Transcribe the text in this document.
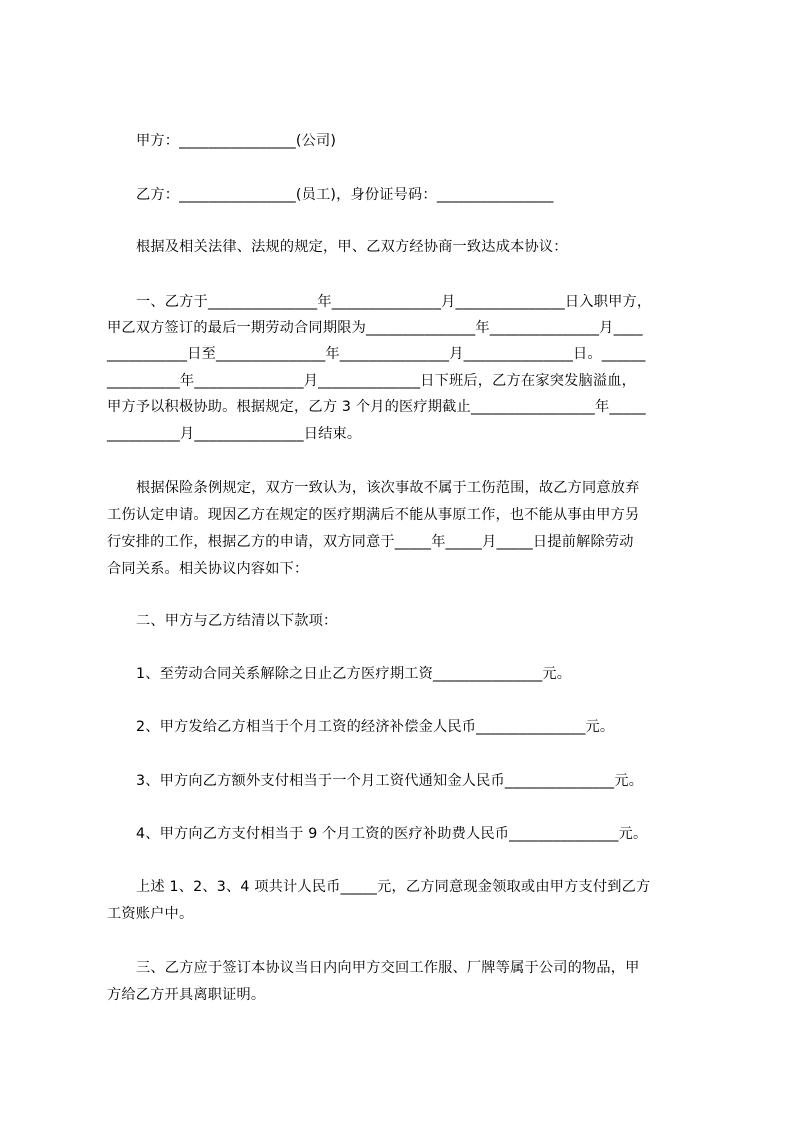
甲方：________________(公司)
乙方：________________(员工)，身份证号码：________________
根据及相关法律、法规的规定，甲、乙双方经协商一致达成本协议：
一、乙方于_______________年_______________月_______________日入职甲方，
甲乙双方签订的最后一期劳动合同期限为_______________年_______________月____
___________日至_______________年_______________月_______________日。______
__________年_______________月______________日下班后，乙方在家突发脑溢血，
甲方予以积极协助。根据规定，乙方 3 个月的医疗期截止_________________年_____
__________月_______________日结束。
根据保险条例规定，双方一致认为，该次事故不属于工伤范围，故乙方同意放弃
工伤认定申请。现因乙方在规定的医疗期满后不能从事原工作，也不能从事由甲方另
行安排的工作，根据乙方的申请，双方同意于_____年_____月_____日提前解除劳动
合同关系。相关协议内容如下：
二、甲方与乙方结清以下款项：
1、至劳动合同关系解除之日止乙方医疗期工资_______________元。
2、甲方发给乙方相当于个月工资的经济补偿金人民币_______________元。
3、甲方向乙方额外支付相当于一个月工资代通知金人民币_______________元。
4、甲方向乙方支付相当于 9 个月工资的医疗补助费人民币_______________元。
上述 1、2、3、4 项共计人民币_____元，乙方同意现金领取或由甲方支付到乙方
工资账户中。
三、乙方应于签订本协议当日内向甲方交回工作服、厂牌等属于公司的物品，甲
方给乙方开具离职证明。
